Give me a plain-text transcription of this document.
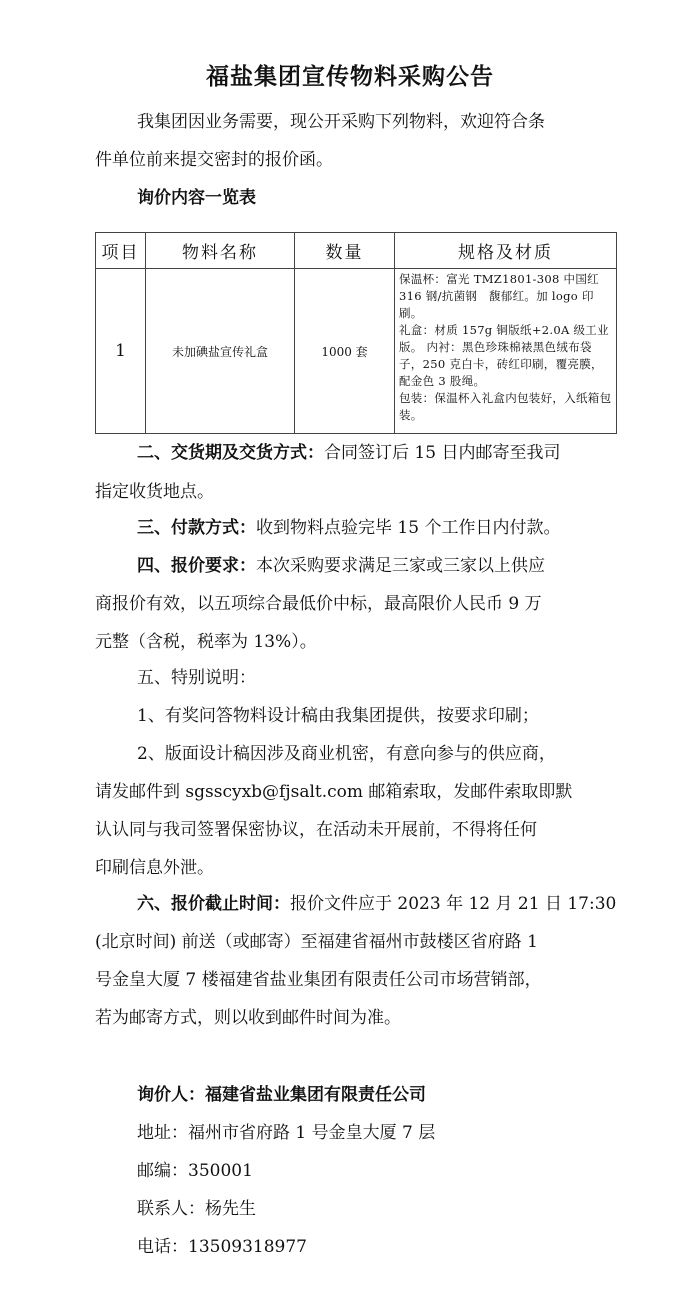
福盐集团宣传物料采购公告
我集团因业务需要，现公开采购下列物料，欢迎符合条
件单位前来提交密封的报价函。
询价内容一览表
项目	物料名称	数量	规格及材质
1	未加碘盐宣传礼盒	1000 套	保温杯：富光 TMZ1801-308 中国红 316 钢/抗菌钢　馥郁红。加 logo 印刷。
礼盒：材质 157g 铜版纸+2.0A 级工业版。 内衬：黑色珍珠棉裱黑色绒布袋子，250 克白卡，砖红印刷，覆亮膜，配金色 3 股绳。
包装：保温杯入礼盒内包装好，入纸箱包装。
二、交货期及交货方式：合同签订后 15 日内邮寄至我司
指定收货地点。
三、付款方式：收到物料点验完毕 15 个工作日内付款。
四、报价要求：本次采购要求满足三家或三家以上供应
商报价有效，以五项综合最低价中标，最高限价人民币 9 万
元整（含税，税率为 13%）。
五、特别说明：
1、有奖问答物料设计稿由我集团提供，按要求印刷；
2、版面设计稿因涉及商业机密，有意向参与的供应商，
请发邮件到 sgsscyxb@fjsalt.com 邮箱索取，发邮件索取即默
认认同与我司签署保密协议，在活动未开展前，不得将任何
印刷信息外泄。
六、报价截止时间：报价文件应于 2023 年 12 月 21 日 17:30
(北京时间) 前送（或邮寄）至福建省福州市鼓楼区省府路 1
号金皇大厦 7 楼福建省盐业集团有限责任公司市场营销部，
若为邮寄方式，则以收到邮件时间为准。
询价人：福建省盐业集团有限责任公司
地址：福州市省府路 1 号金皇大厦 7 层
邮编：350001
联系人：杨先生
电话：13509318977
